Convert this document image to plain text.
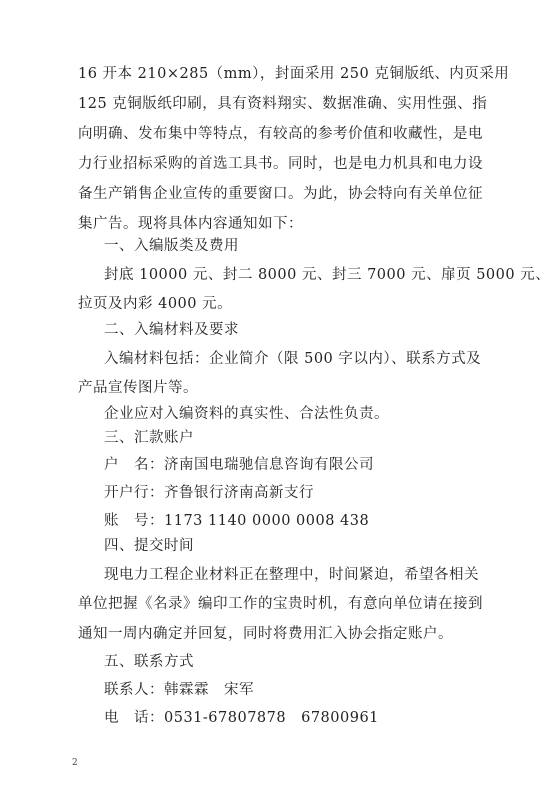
16 开本 210×285（mm），封面采用 250 克铜版纸、内页采用
125 克铜版纸印刷，具有资料翔实、数据准确、实用性强、指
向明确、发布集中等特点，有较高的参考价值和收藏性，是电
力行业招标采购的首选工具书。同时，也是电力机具和电力设
备生产销售企业宣传的重要窗口。为此，协会特向有关单位征
集广告。现将具体内容通知如下：
一、入编版类及费用
封底 10000 元、封二 8000 元、封三 7000 元、扉页 5000 元、
拉页及内彩 4000 元。
二、入编材料及要求
入编材料包括：企业简介（限 500 字以内）、联系方式及
产品宣传图片等。
企业应对入编资料的真实性、合法性负责。
三、汇款账户
户　名：济南国电瑞驰信息咨询有限公司
开户行：齐鲁银行济南高新支行
账　号：1173 1140 0000 0008 438
四、提交时间
现电力工程企业材料正在整理中，时间紧迫，希望各相关
单位把握《名录》编印工作的宝贵时机，有意向单位请在接到
通知一周内确定并回复，同时将费用汇入协会指定账户。
五、联系方式
联系人：韩霖霖　宋军
电　话：0531-67807878　67800961
2
